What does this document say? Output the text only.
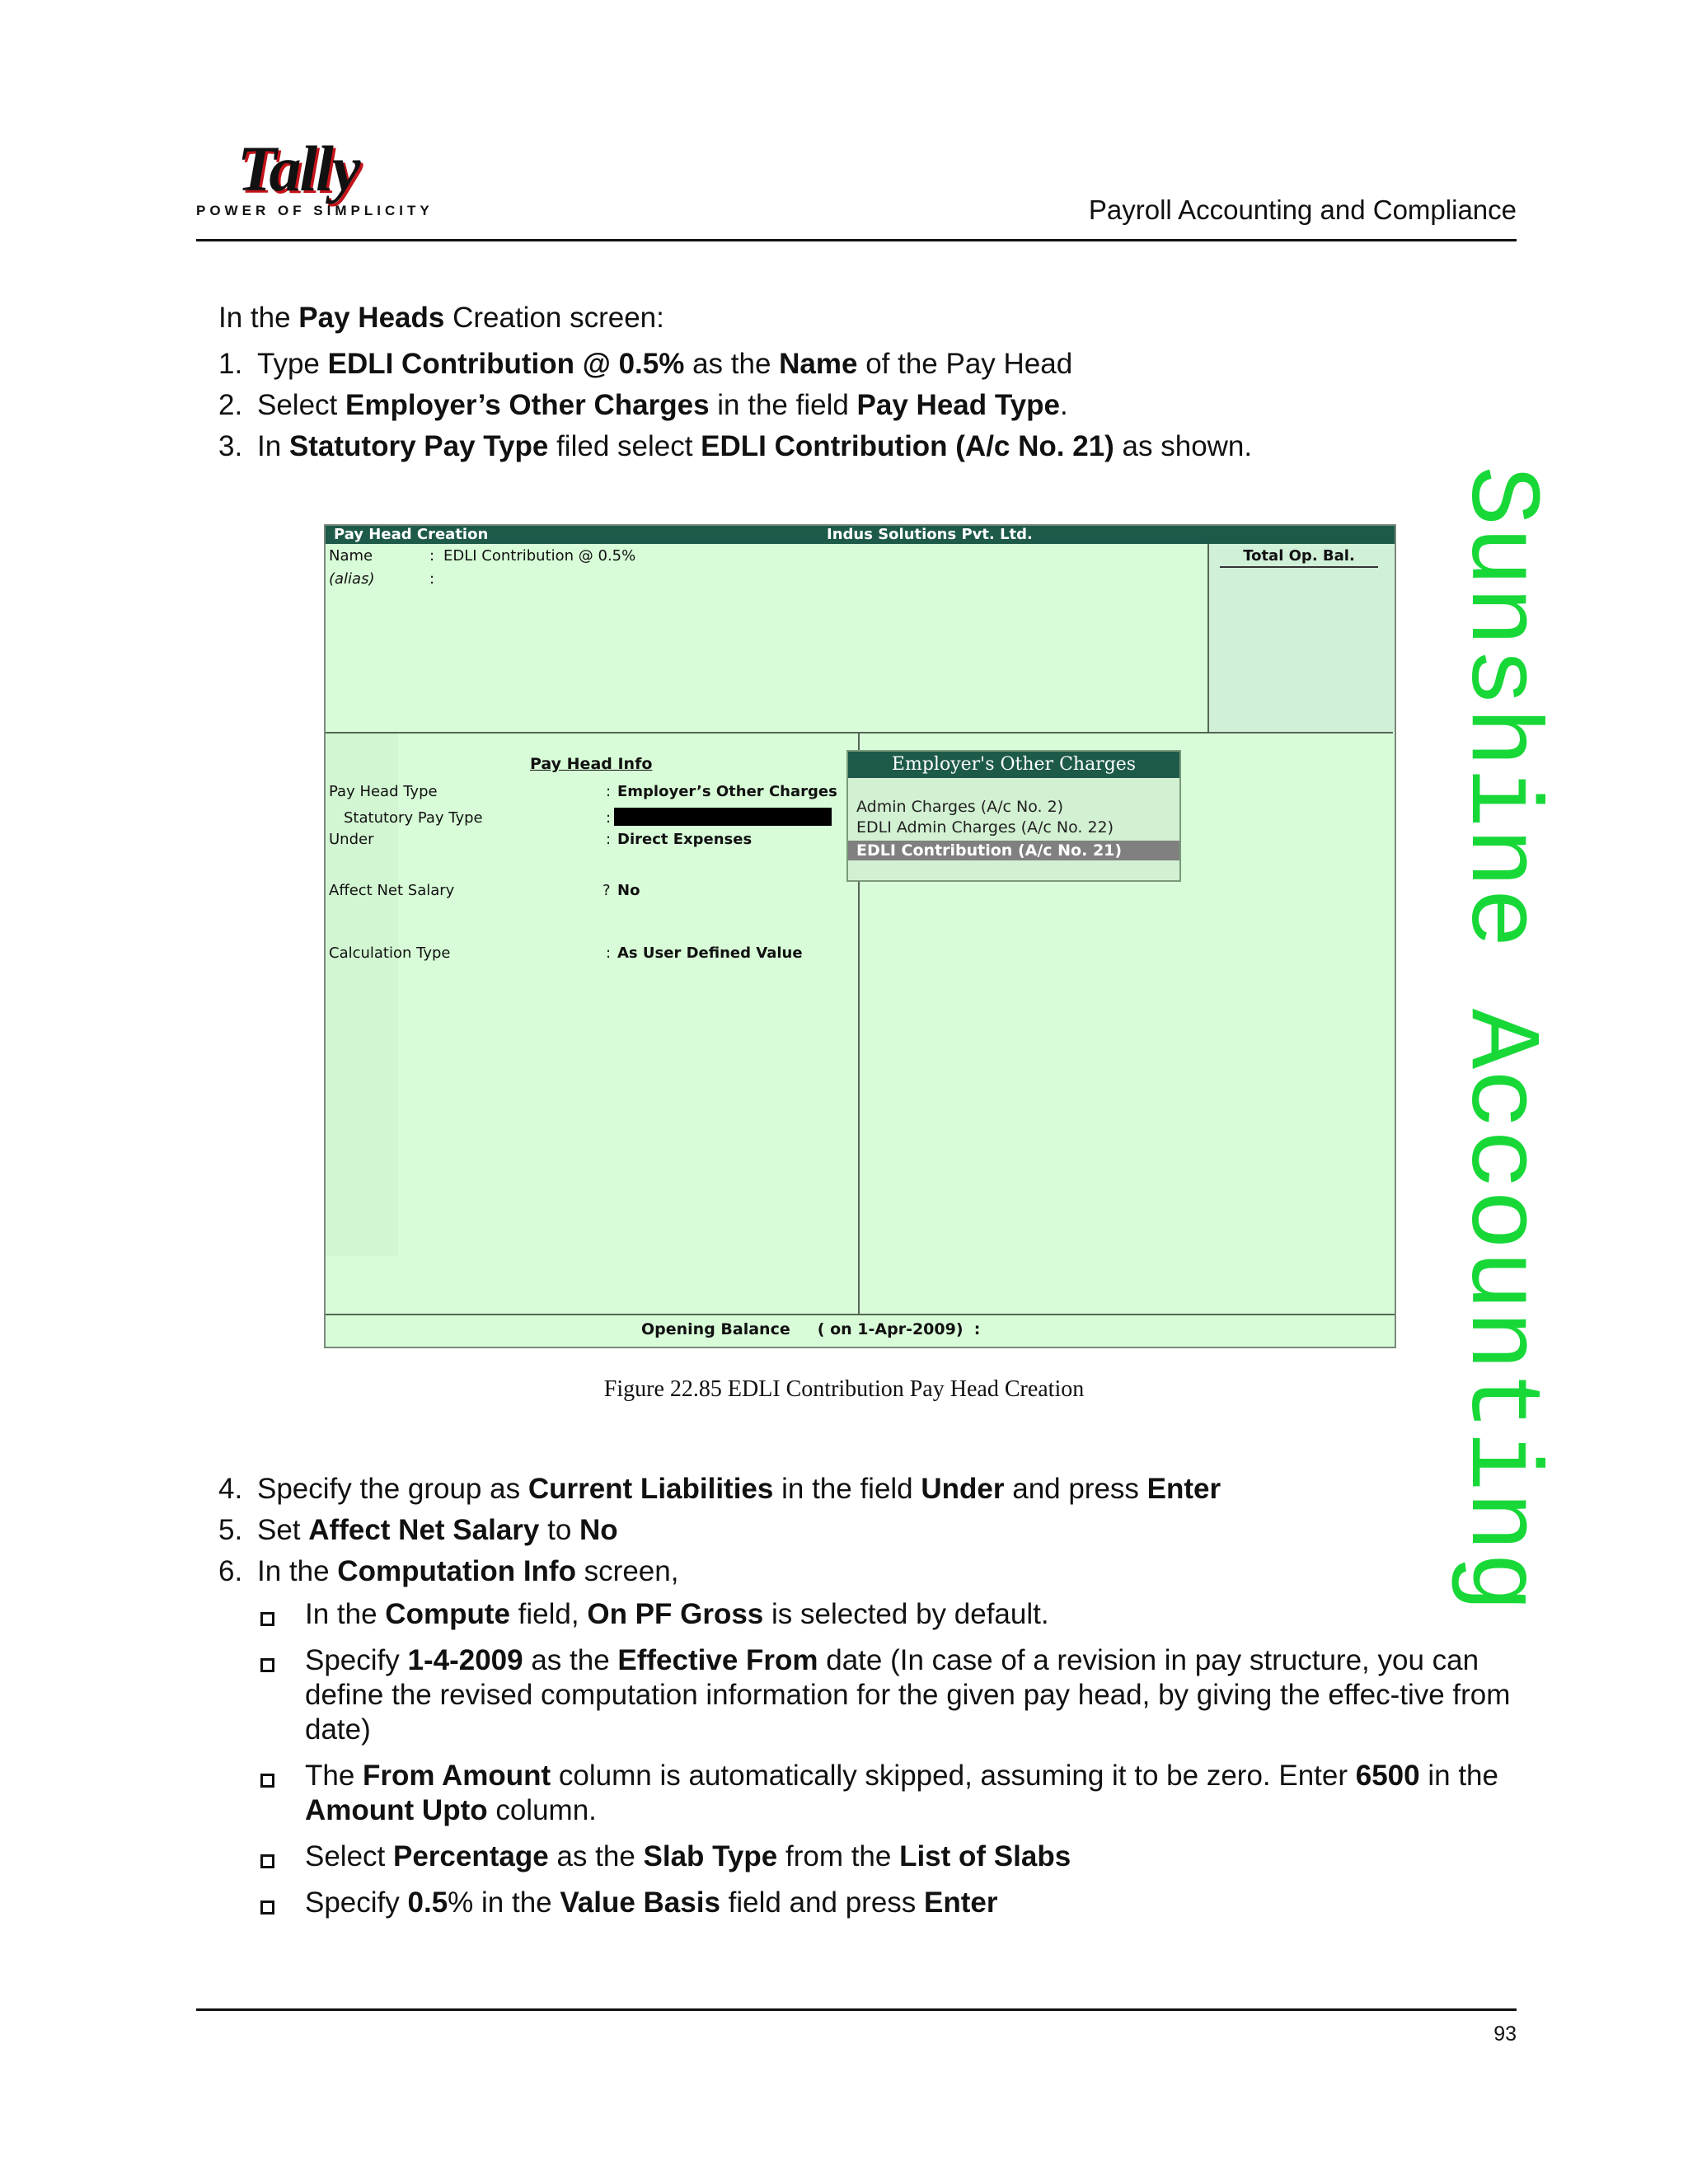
Tally
POWER OF SIMPLICITY	Payroll Accounting and Compliance
Sunshine Accounting
In the Pay Heads Creation screen:
1. Type EDLI Contribution @ 0.5% as the Name of the Pay Head
2. Select Employer’s Other Charges in the field Pay Head Type.
3. In Statutory Pay Type filed select EDLI Contribution (A/c No. 21) as shown.
Pay Head Creation	Indus Solutions Pvt. Ltd.
Total Op. Bal.
Name	: EDLI Contribution @ 0.5%
(alias)	:
Pay Head Info
Pay Head Type	: Employer’s Other Charges
Statutory Pay Type	:
Under	: Direct Expenses
Affect Net Salary	? No
Calculation Type	: As User Defined Value
Employer's Other Charges
Admin Charges (A/c No. 2)
EDLI Admin Charges (A/c No. 22)
EDLI Contribution (A/c No. 21)
Opening Balance     ( on 1-Apr-2009)  :
Figure 22.85 EDLI Contribution Pay Head Creation
4. Specify the group as Current Liabilities in the field Under and press Enter
5. Set Affect Net Salary to No
6. In the Computation Info screen,
In the Compute field, On PF Gross is selected by default.
Specify 1-4-2009 as the Effective From date (In case of a revision in pay structure, you can define the revised computation information for the given pay head, by giving the effec-tive from date)
The From Amount column is automatically skipped, assuming it to be zero. Enter 6500 in the Amount Upto column.
Select Percentage as the Slab Type from the List of Slabs
Specify 0.5% in the Value Basis field and press Enter
93
